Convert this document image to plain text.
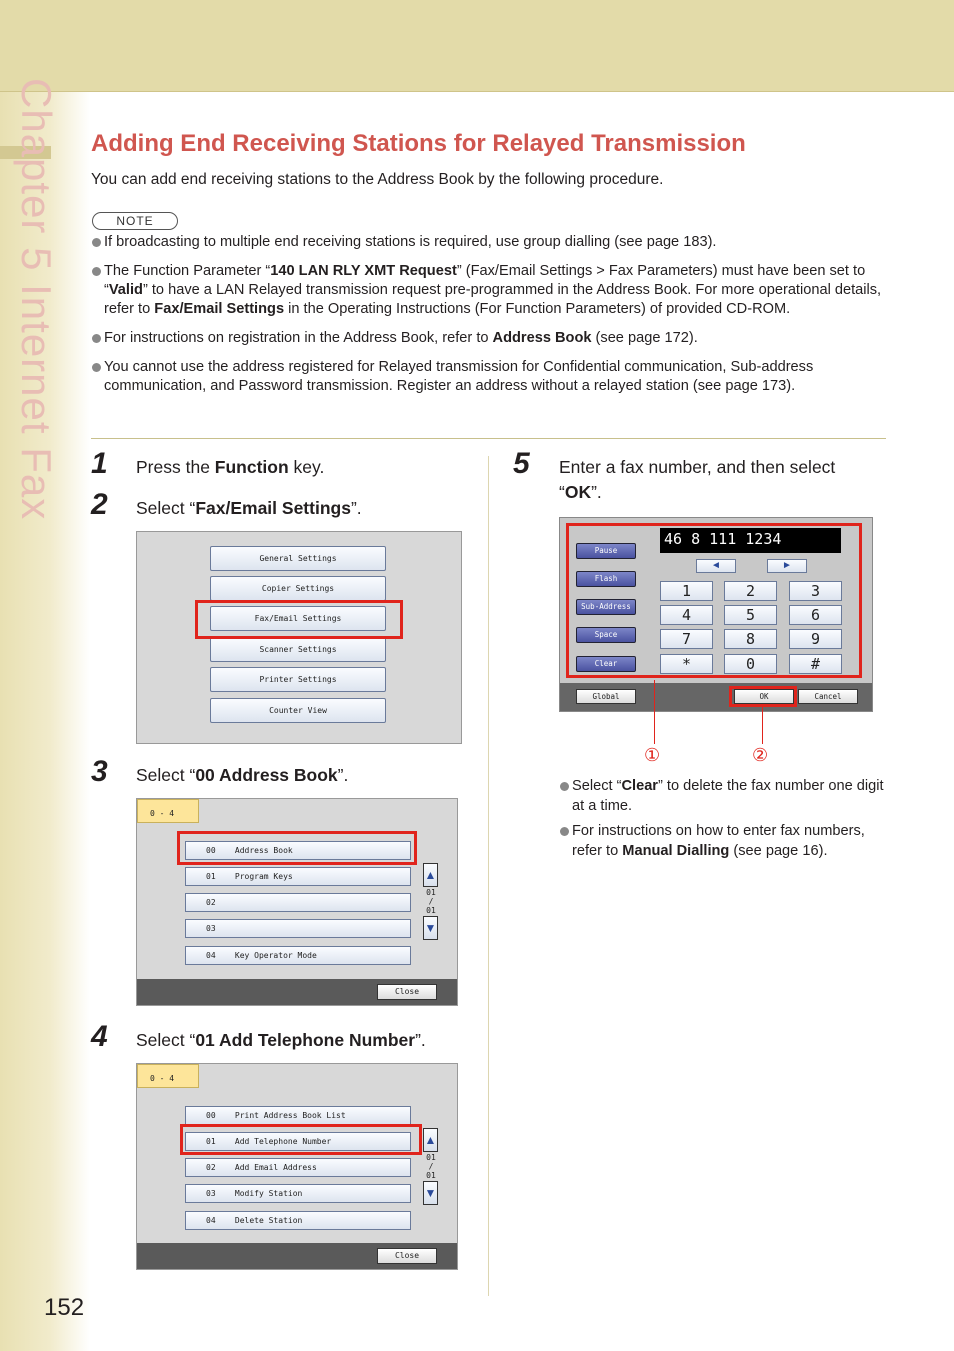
Chapter 5 Internet Fax
152
Adding End Receiving Stations for Relayed Transmission
You can add end receiving stations to the Address Book by the following procedure.
NOTE
If broadcasting to multiple end receiving stations is required, use group dialling (see page 183).
The Function Parameter “140 LAN RLY XMT Request” (Fax/Email Settings > Fax Parameters) must have been set to “Valid” to have a LAN Relayed transmission request pre-programmed in the Address Book. For more operational details, refer to Fax/Email Settings in the Operating Instructions (For Function Parameters) of provided CD-ROM.
For instructions on registration in the Address Book, refer to Address Book (see page 172).
You cannot use the address registered for Relayed transmission for Confidential communication, Sub-address communication, and Password transmission. Register an address without a relayed station (see page 173).
1 Press the Function key.
2 Select “Fax/Email Settings”.
General Settings
Copier Settings
Fax/Email Settings
Scanner Settings
Printer Settings
Counter View
3 Select “00 Address Book”.
0 - 4
00    Address Book
01    Program Keys
02
03
04    Key Operator Mode
▲
01
/
01
▼
Close
4 Select “01 Add Telephone Number”.
0 - 4
00    Print Address Book List
01    Add Telephone Number
02    Add Email Address
03    Modify Station
04    Delete Station
▲
01
/
01
▼
Close
5 Enter a fax number, and then select “OK”.
Pause
Flash
Sub-Address
Space
Clear
46 8 111 1234
◄	►
1	2	3
4	5	6
7	8	9
*	0	#
Global	OK	Cancel
①	②
Select “Clear” to delete the fax number one digit at a time.
For instructions on how to enter fax numbers, refer to Manual Dialling (see page 16).
